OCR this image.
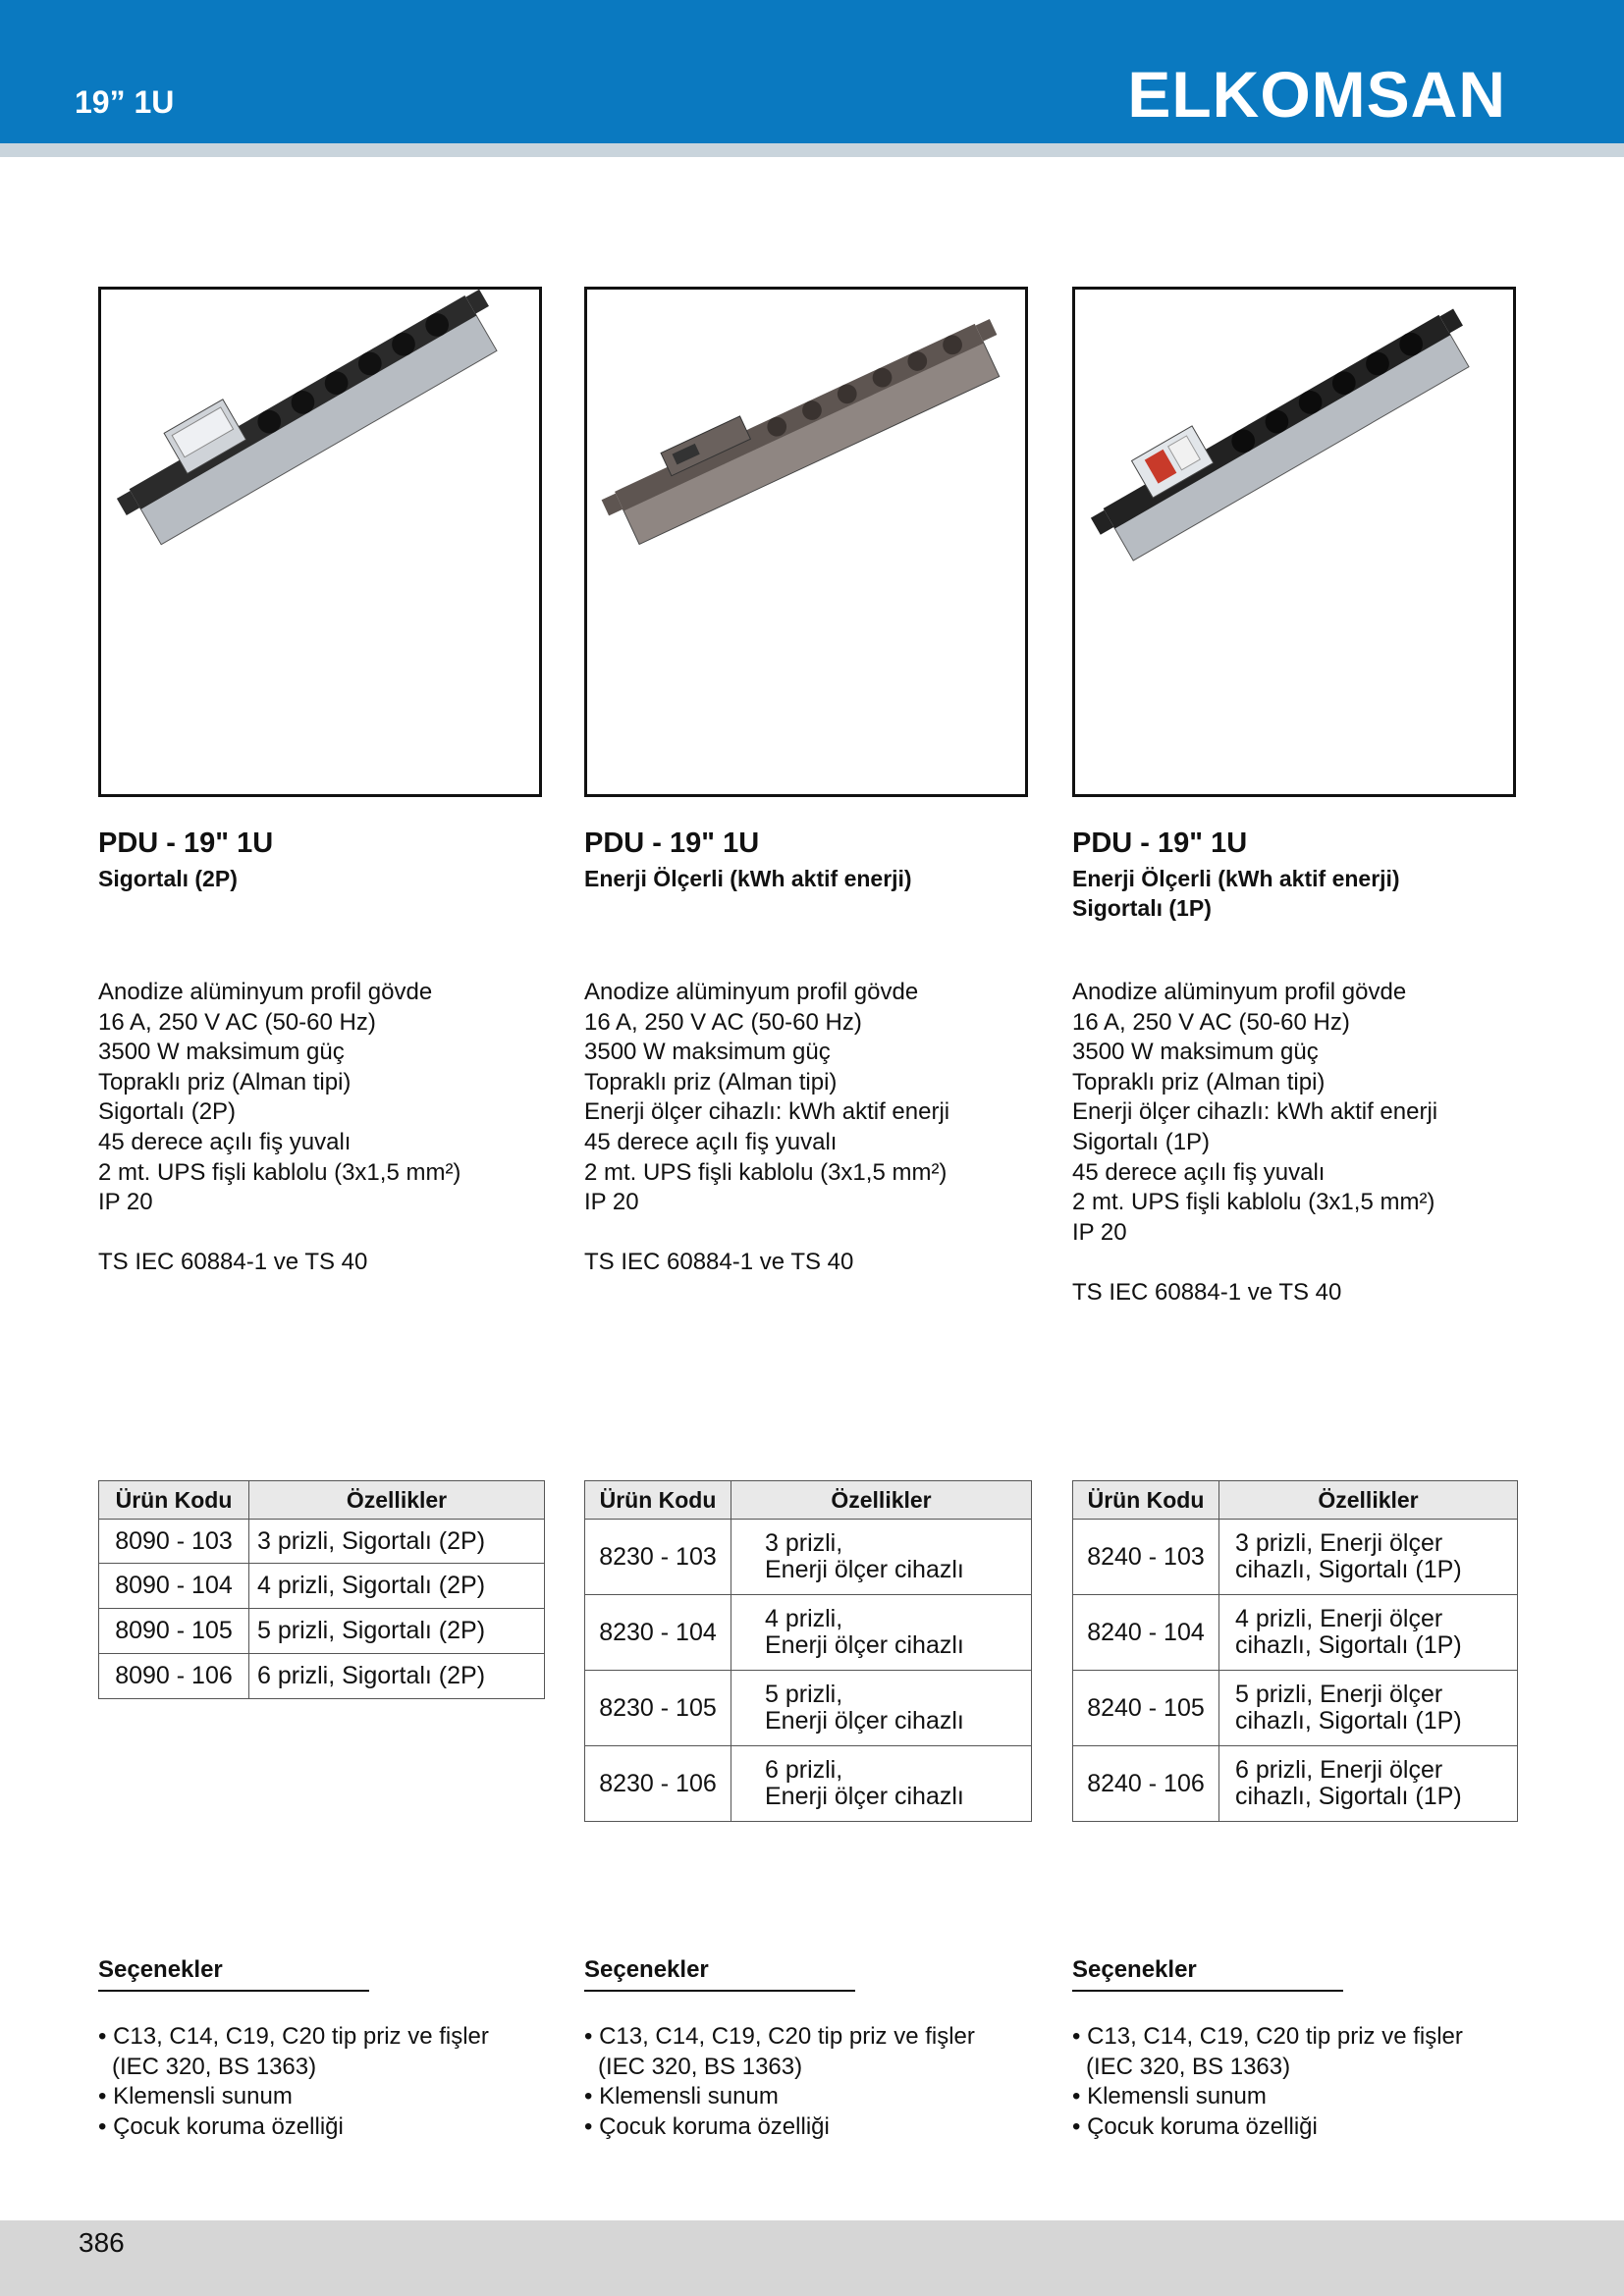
19” 1U	ELKOMSAN
PDU - 19" 1U
Sigortalı (2P)
Anodize alüminyum profil gövde
16 A, 250 V AC (50-60 Hz)
3500 W maksimum güç
Topraklı priz (Alman tipi)
Sigortalı (2P)
45 derece açılı fiş yuvalı
2 mt. UPS fişli kablolu (3x1,5 mm²)
IP 20
TS IEC 60884-1 ve TS 40
Ürün Kodu	Özellikler
8090 - 103	3 prizli, Sigortalı (2P)
8090 - 104	4 prizli, Sigortalı (2P)
8090 - 105	5 prizli, Sigortalı (2P)
8090 - 106	6 prizli, Sigortalı (2P)
Seçenekler
• C13, C14, C19, C20 tip priz ve fişler
(IEC 320, BS 1363)
• Klemensli sunum
• Çocuk koruma özelliği
PDU - 19" 1U
Enerji Ölçerli (kWh aktif enerji)
Anodize alüminyum profil gövde
16 A, 250 V AC (50-60 Hz)
3500 W maksimum güç
Topraklı priz (Alman tipi)
Enerji ölçer cihazlı: kWh aktif enerji
45 derece açılı fiş yuvalı
2 mt. UPS fişli kablolu (3x1,5 mm²)
IP 20
TS IEC 60884-1 ve TS 40
Ürün Kodu	Özellikler
8230 - 103	3 prizli,
Enerji ölçer cihazlı

8230 - 104	4 prizli,
Enerji ölçer cihazlı

8230 - 105	5 prizli,
Enerji ölçer cihazlı

8230 - 106	6 prizli,
Enerji ölçer cihazlı
Seçenekler
• C13, C14, C19, C20 tip priz ve fişler
(IEC 320, BS 1363)
• Klemensli sunum
• Çocuk koruma özelliği
PDU - 19" 1U
Enerji Ölçerli (kWh aktif enerji)
Sigortalı (1P)
Anodize alüminyum profil gövde
16 A, 250 V AC (50-60 Hz)
3500 W maksimum güç
Topraklı priz (Alman tipi)
Enerji ölçer cihazlı: kWh aktif enerji
Sigortalı (1P)
45 derece açılı fiş yuvalı
2 mt. UPS fişli kablolu (3x1,5 mm²)
IP 20
TS IEC 60884-1 ve TS 40
Ürün Kodu	Özellikler
8240 - 103	3 prizli, Enerji ölçer
cihazlı, Sigortalı (1P)

8240 - 104	4 prizli, Enerji ölçer
cihazlı, Sigortalı (1P)

8240 - 105	5 prizli, Enerji ölçer
cihazlı, Sigortalı (1P)

8240 - 106	6 prizli, Enerji ölçer
cihazlı, Sigortalı (1P)
Seçenekler
• C13, C14, C19, C20 tip priz ve fişler
(IEC 320, BS 1363)
• Klemensli sunum
• Çocuk koruma özelliği
386
